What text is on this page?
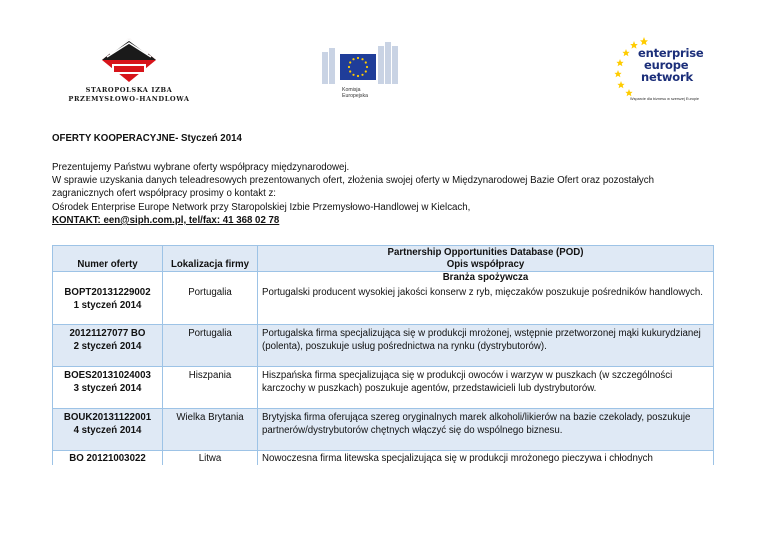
STAROPOLSKA IZBA
PRZEMYSŁOWO-HANDLOWA
Komisja
Europejska
enterprise
europe
network
Wsparcie dla biznesu w szerszej Europie
OFERTY KOOPERACYJNE- Styczeń 2014
Prezentujemy Państwu wybrane oferty współpracy międzynarodowej.
W sprawie uzyskania danych teleadresowych prezentowanych ofert, złożenia swojej oferty w Międzynarodowej Bazie Ofert oraz pozostałych
zagranicznych ofert współpracy prosimy o kontakt z:
Ośrodek Enterprise Europe Network przy Staropolskiej Izbie Przemysłowo-Handlowej w Kielcach,
KONTAKT: een@siph.com.pl, tel/fax: 41 368 02 78
		Partnership Opportunities Database (POD)
Numer oferty	Lokalizacja firmy	Opis współpracy
		Branża spożywcza

BOPT20131229002
1 styczeń 2014	Portugalia	Portugalski producent wysokiej jakości konserw z ryb, mięczaków poszukuje pośredników handlowych.

20121127077 BO
2 styczeń 2014	Portugalia	Portugalska firma specjalizująca się w produkcji mrożonej, wstępnie przetworzonej mąki kukurydzianej (polenta), poszukuje usług pośrednictwa na rynku (dystrybutorów).

BOES20131024003
3 styczeń 2014	Hiszpania	Hiszpańska firma specjalizująca się w produkcji owoców i warzyw w puszkach (w szczególności karczochy w puszkach) poszukuje agentów, przedstawicieli lub dystrybutorów.

BOUK20131122001
4 styczeń 2014	Wielka Brytania	Brytyjska firma oferująca szereg oryginalnych marek alkoholi/likierów na bazie czekolady, poszukuje partnerów/dystrybutorów chętnych włączyć się do wspólnego biznesu.

BO 20121003022	Litwa	Nowoczesna firma litewska specjalizująca się w produkcji mrożonego pieczywa i chłodnych
